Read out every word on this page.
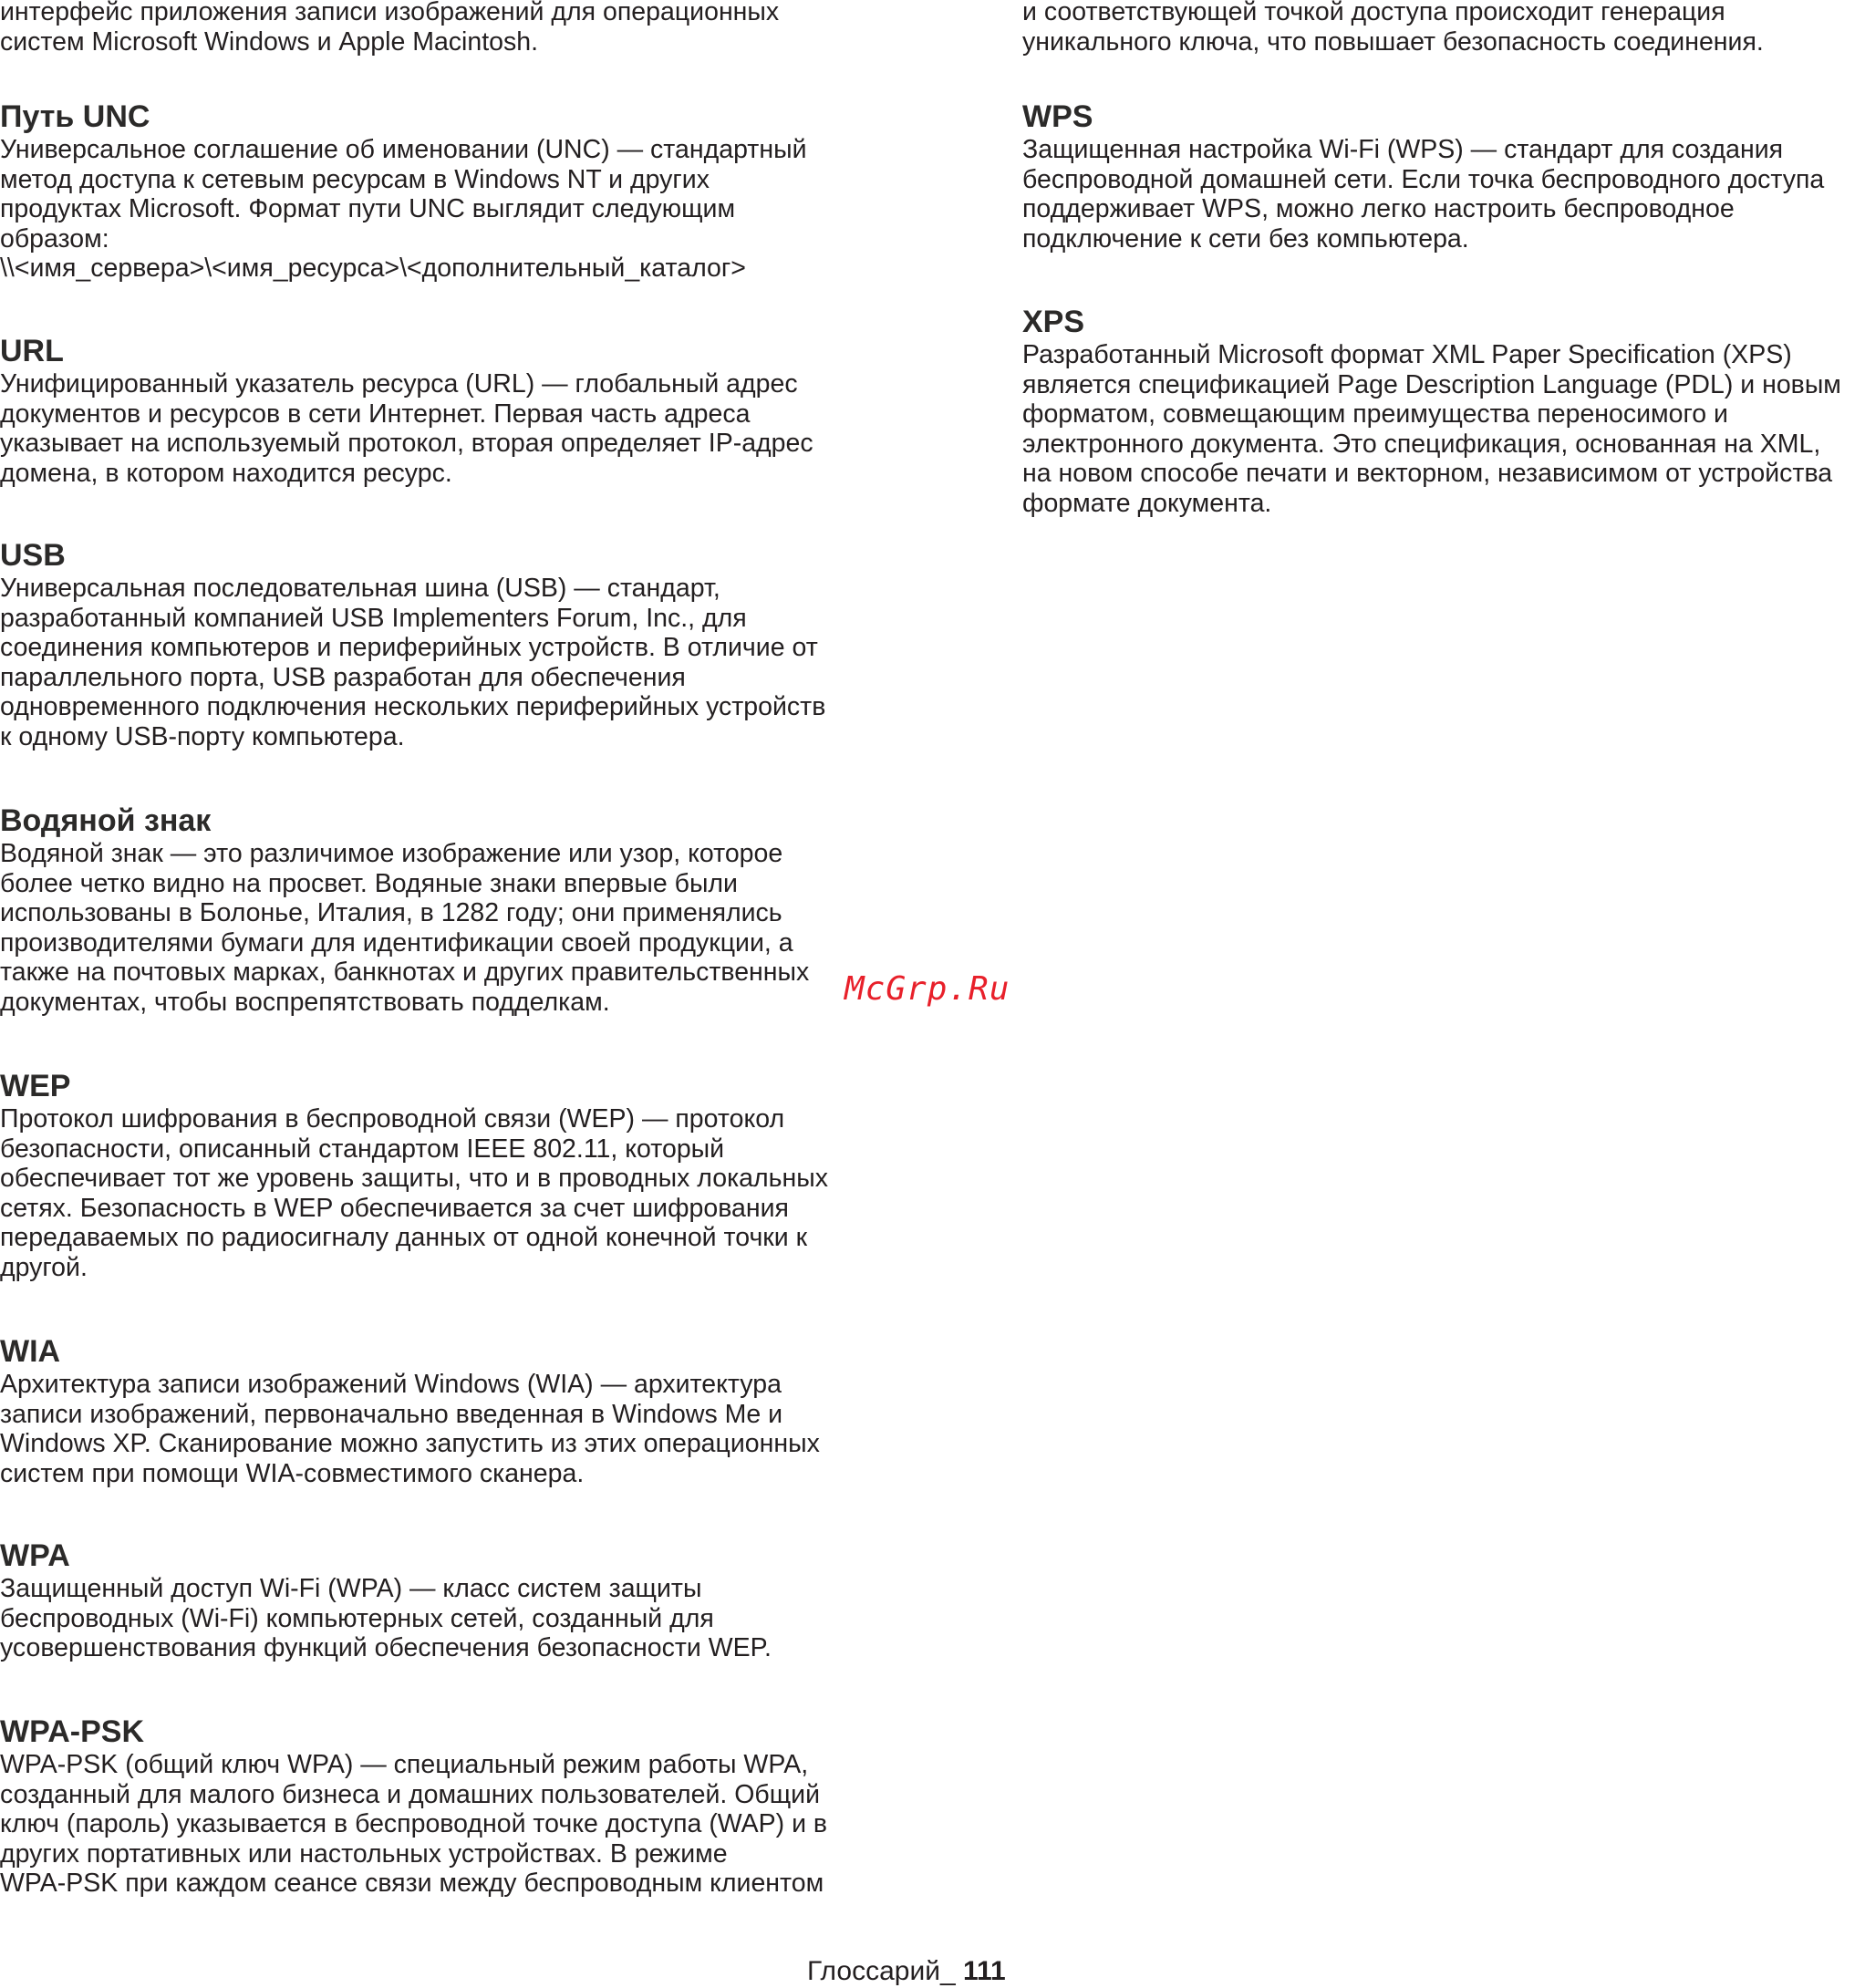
интерфейс приложения записи изображений для операционных
систем Microsoft Windows и Apple Macintosh.

Путь UNC

Универсальное соглашение об именовании (UNC) — стандартный
метод доступа к сетевым ресурсам в Windows NT и других
продуктах Microsoft. Формат пути UNC выглядит следующим
образом:
\\<имя_сервера>\<имя_ресурса>\<дополнительный_каталог>

URL

Унифицированный указатель ресурса (URL) — глобальный адрес
документов и ресурсов в сети Интернет. Первая часть адреса
указывает на используемый протокол, вторая определяет IP-адрес
домена, в котором находится ресурс.

USB

Универсальная последовательная шина (USB) — стандарт,
разработанный компанией USB Implementers Forum, Inc., для
соединения компьютеров и периферийных устройств. В отличие от
параллельного порта, USB разработан для обеспечения
одновременного подключения нескольких периферийных устройств
к одному USB-порту компьютера.

Водяной знак

Водяной знак — это различимое изображение или узор, которое
более четко видно на просвет. Водяные знаки впервые были
использованы в Болонье, Италия, в 1282 году; они применялись
производителями бумаги для идентификации своей продукции, а
также на почтовых марках, банкнотах и других правительственных
документах, чтобы воспрепятствовать подделкам.

WEP

Протокол шифрования в беспроводной связи (WEP) — протокол
безопасности, описанный стандартом IEEE 802.11, который
обеспечивает тот же уровень защиты, что и в проводных локальных
сетях. Безопасность в WEP обеспечивается за счет шифрования
передаваемых по радиосигналу данных от одной конечной точки к
другой.

WIA

Архитектура записи изображений Windows (WIA) — архитектура
записи изображений, первоначально введенная в Windows Me и
Windows XP. Сканирование можно запустить из этих операционных
систем при помощи WIA-совместимого сканера.

WPA

Защищенный доступ Wi-Fi (WPA) — класс систем защиты
беспроводных (Wi-Fi) компьютерных сетей, созданный для
усовершенствования функций обеспечения безопасности WEP.

WPA-PSK

WPA-PSK (общий ключ WPA) — специальный режим работы WPA,
созданный для малого бизнеса и домашних пользователей. Общий
ключ (пароль) указывается в беспроводной точке доступа (WAP) и в
других портативных или настольных устройствах. В режиме
WPA-PSK при каждом сеансе связи между беспроводным клиентом

и соответствующей точкой доступа происходит генерация
уникального ключа, что повышает безопасность соединения.

WPS

Защищенная настройка Wi-Fi (WPS) — стандарт для создания
беспроводной домашней сети. Если точка беспроводного доступа
поддерживает WPS, можно легко настроить беспроводное
подключение к сети без компьютера.

XPS

Разработанный Microsoft формат XML Paper Specification (XPS)
является спецификацией Page Description Language (PDL) и новым
форматом, совмещающим преимущества переносимого и
электронного документа. Это спецификация, основанная на XML,
на новом способе печати и векторном, независимом от устройства
формате документа.

McGrp.Ru
Глоссарий_ 111
